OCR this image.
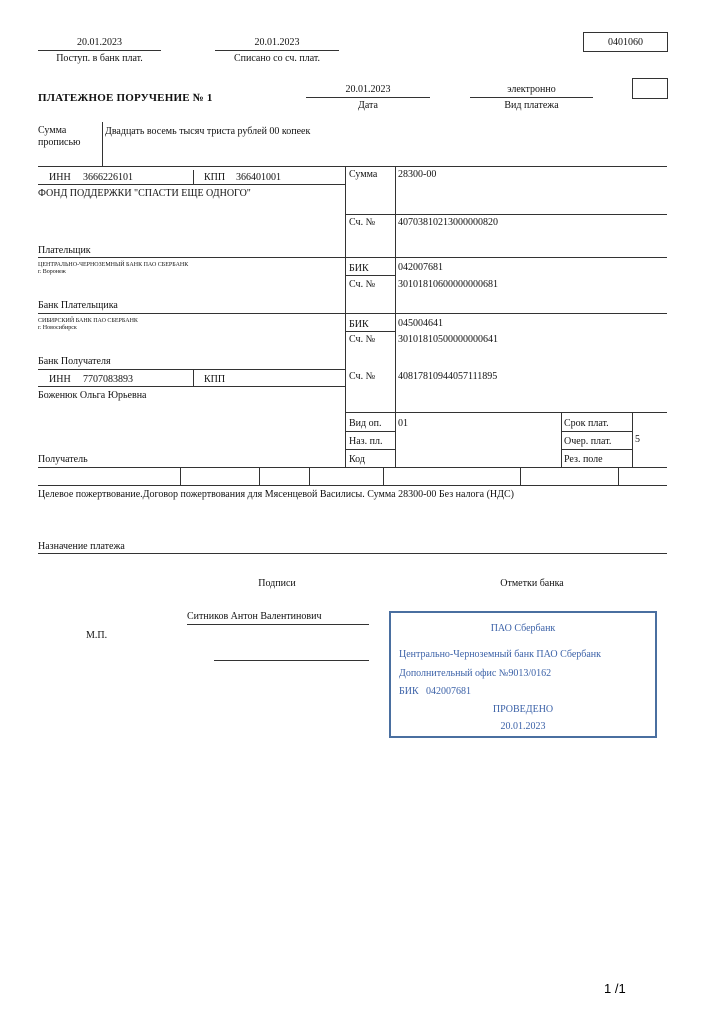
20.01.2023
Поступ. в банк плат.
20.01.2023
Списано со сч. плат.
0401060
ПЛАТЕЖНОЕ ПОРУЧЕНИЕ № 1
20.01.2023
Дата
электронно
Вид платежа
Сумма
прописью
Двадцать восемь тысяч триста рублей 00 копеек
ИНН 3666226101	КПП 366401001
ФОНД ПОДДЕРЖКИ "СПАСТИ ЕЩЕ ОДНОГО"
Сумма 28300-00
Сч. № 40703810213000000820
Плательщик
ЦЕНТРАЛЬНО-ЧЕРНОЗЕМНЫЙ БАНК ПАО СБЕРБАНК
г. Воронеж	БИК	042007681
Сч. № 30101810600000000681
Банк Плательщика
СИБИРСКИЙ БАНК ПАО СБЕРБАНК
г. Новосибирск	БИК	045004641
Сч. № 30101810500000000641
Банк Получателя
ИНН 7707083893	КПП	Сч. № 40817810944057111895
Боженюк Ольга Юрьевна
Вид оп. 01	Срок плат.
Наз. пл.	Очер. плат. 5
Код	Рез. поле
Получатель
Целевое пожертвование.Договор пожертвования для Мясенцевой Василисы. Сумма 28300-00 Без налога (НДС)
Назначение платежа
Подписи	Отметки банка
Ситников Антон Валентинович
М.П.
ПАО Сбербанк
Центрально-Черноземный банк ПАО Сбербанк
Дополнительный офис №9013/0162
БИК 042007681
ПРОВЕДЕНО
20.01.2023
1 /1
